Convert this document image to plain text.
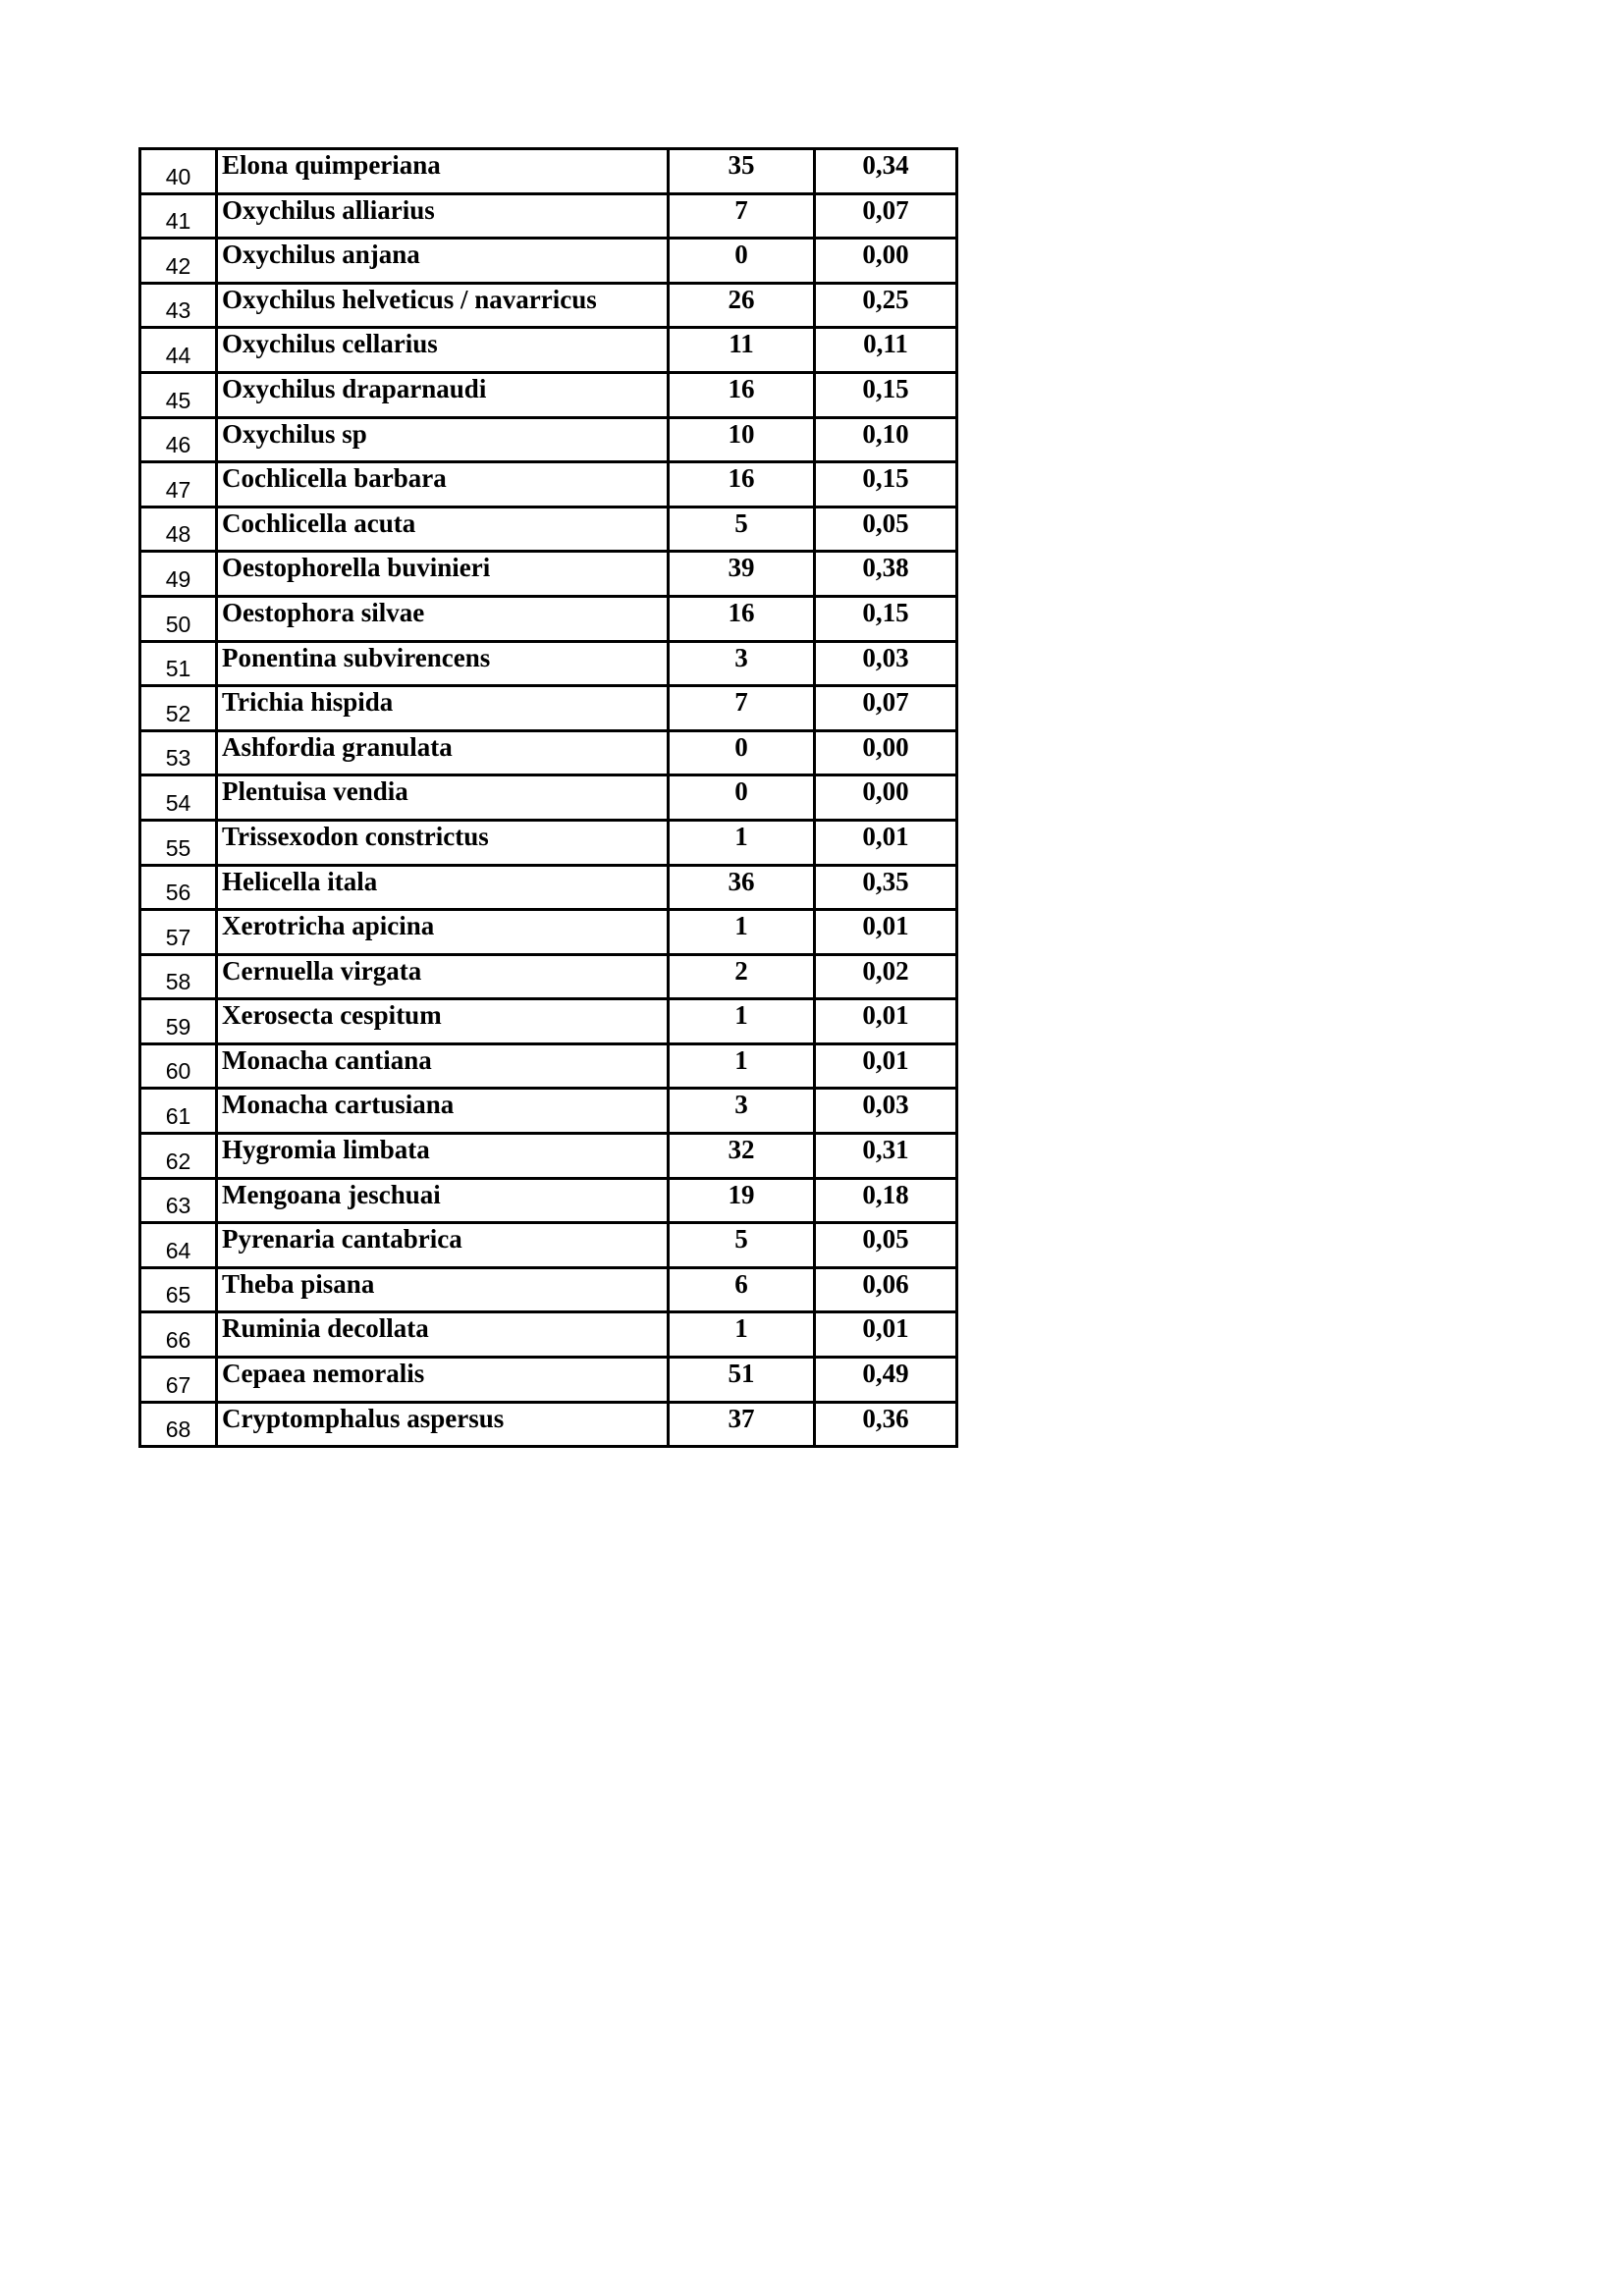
40	Elona quimperiana	35	0,34
41	Oxychilus alliarius	7	0,07
42	Oxychilus anjana	0	0,00
43	Oxychilus helveticus / navarricus	26	0,25
44	Oxychilus cellarius	11	0,11
45	Oxychilus draparnaudi	16	0,15
46	Oxychilus sp	10	0,10
47	Cochlicella barbara	16	0,15
48	Cochlicella acuta	5	0,05
49	Oestophorella buvinieri	39	0,38
50	Oestophora silvae	16	0,15
51	Ponentina subvirencens	3	0,03
52	Trichia hispida	7	0,07
53	Ashfordia granulata	0	0,00
54	Plentuisa vendia	0	0,00
55	Trissexodon constrictus	1	0,01
56	Helicella itala	36	0,35
57	Xerotricha apicina	1	0,01
58	Cernuella virgata	2	0,02
59	Xerosecta cespitum	1	0,01
60	Monacha cantiana	1	0,01
61	Monacha cartusiana	3	0,03
62	Hygromia limbata	32	0,31
63	Mengoana jeschuai	19	0,18
64	Pyrenaria cantabrica	5	0,05
65	Theba pisana	6	0,06
66	Ruminia decollata	1	0,01
67	Cepaea nemoralis	51	0,49
68	Cryptomphalus aspersus	37	0,36
